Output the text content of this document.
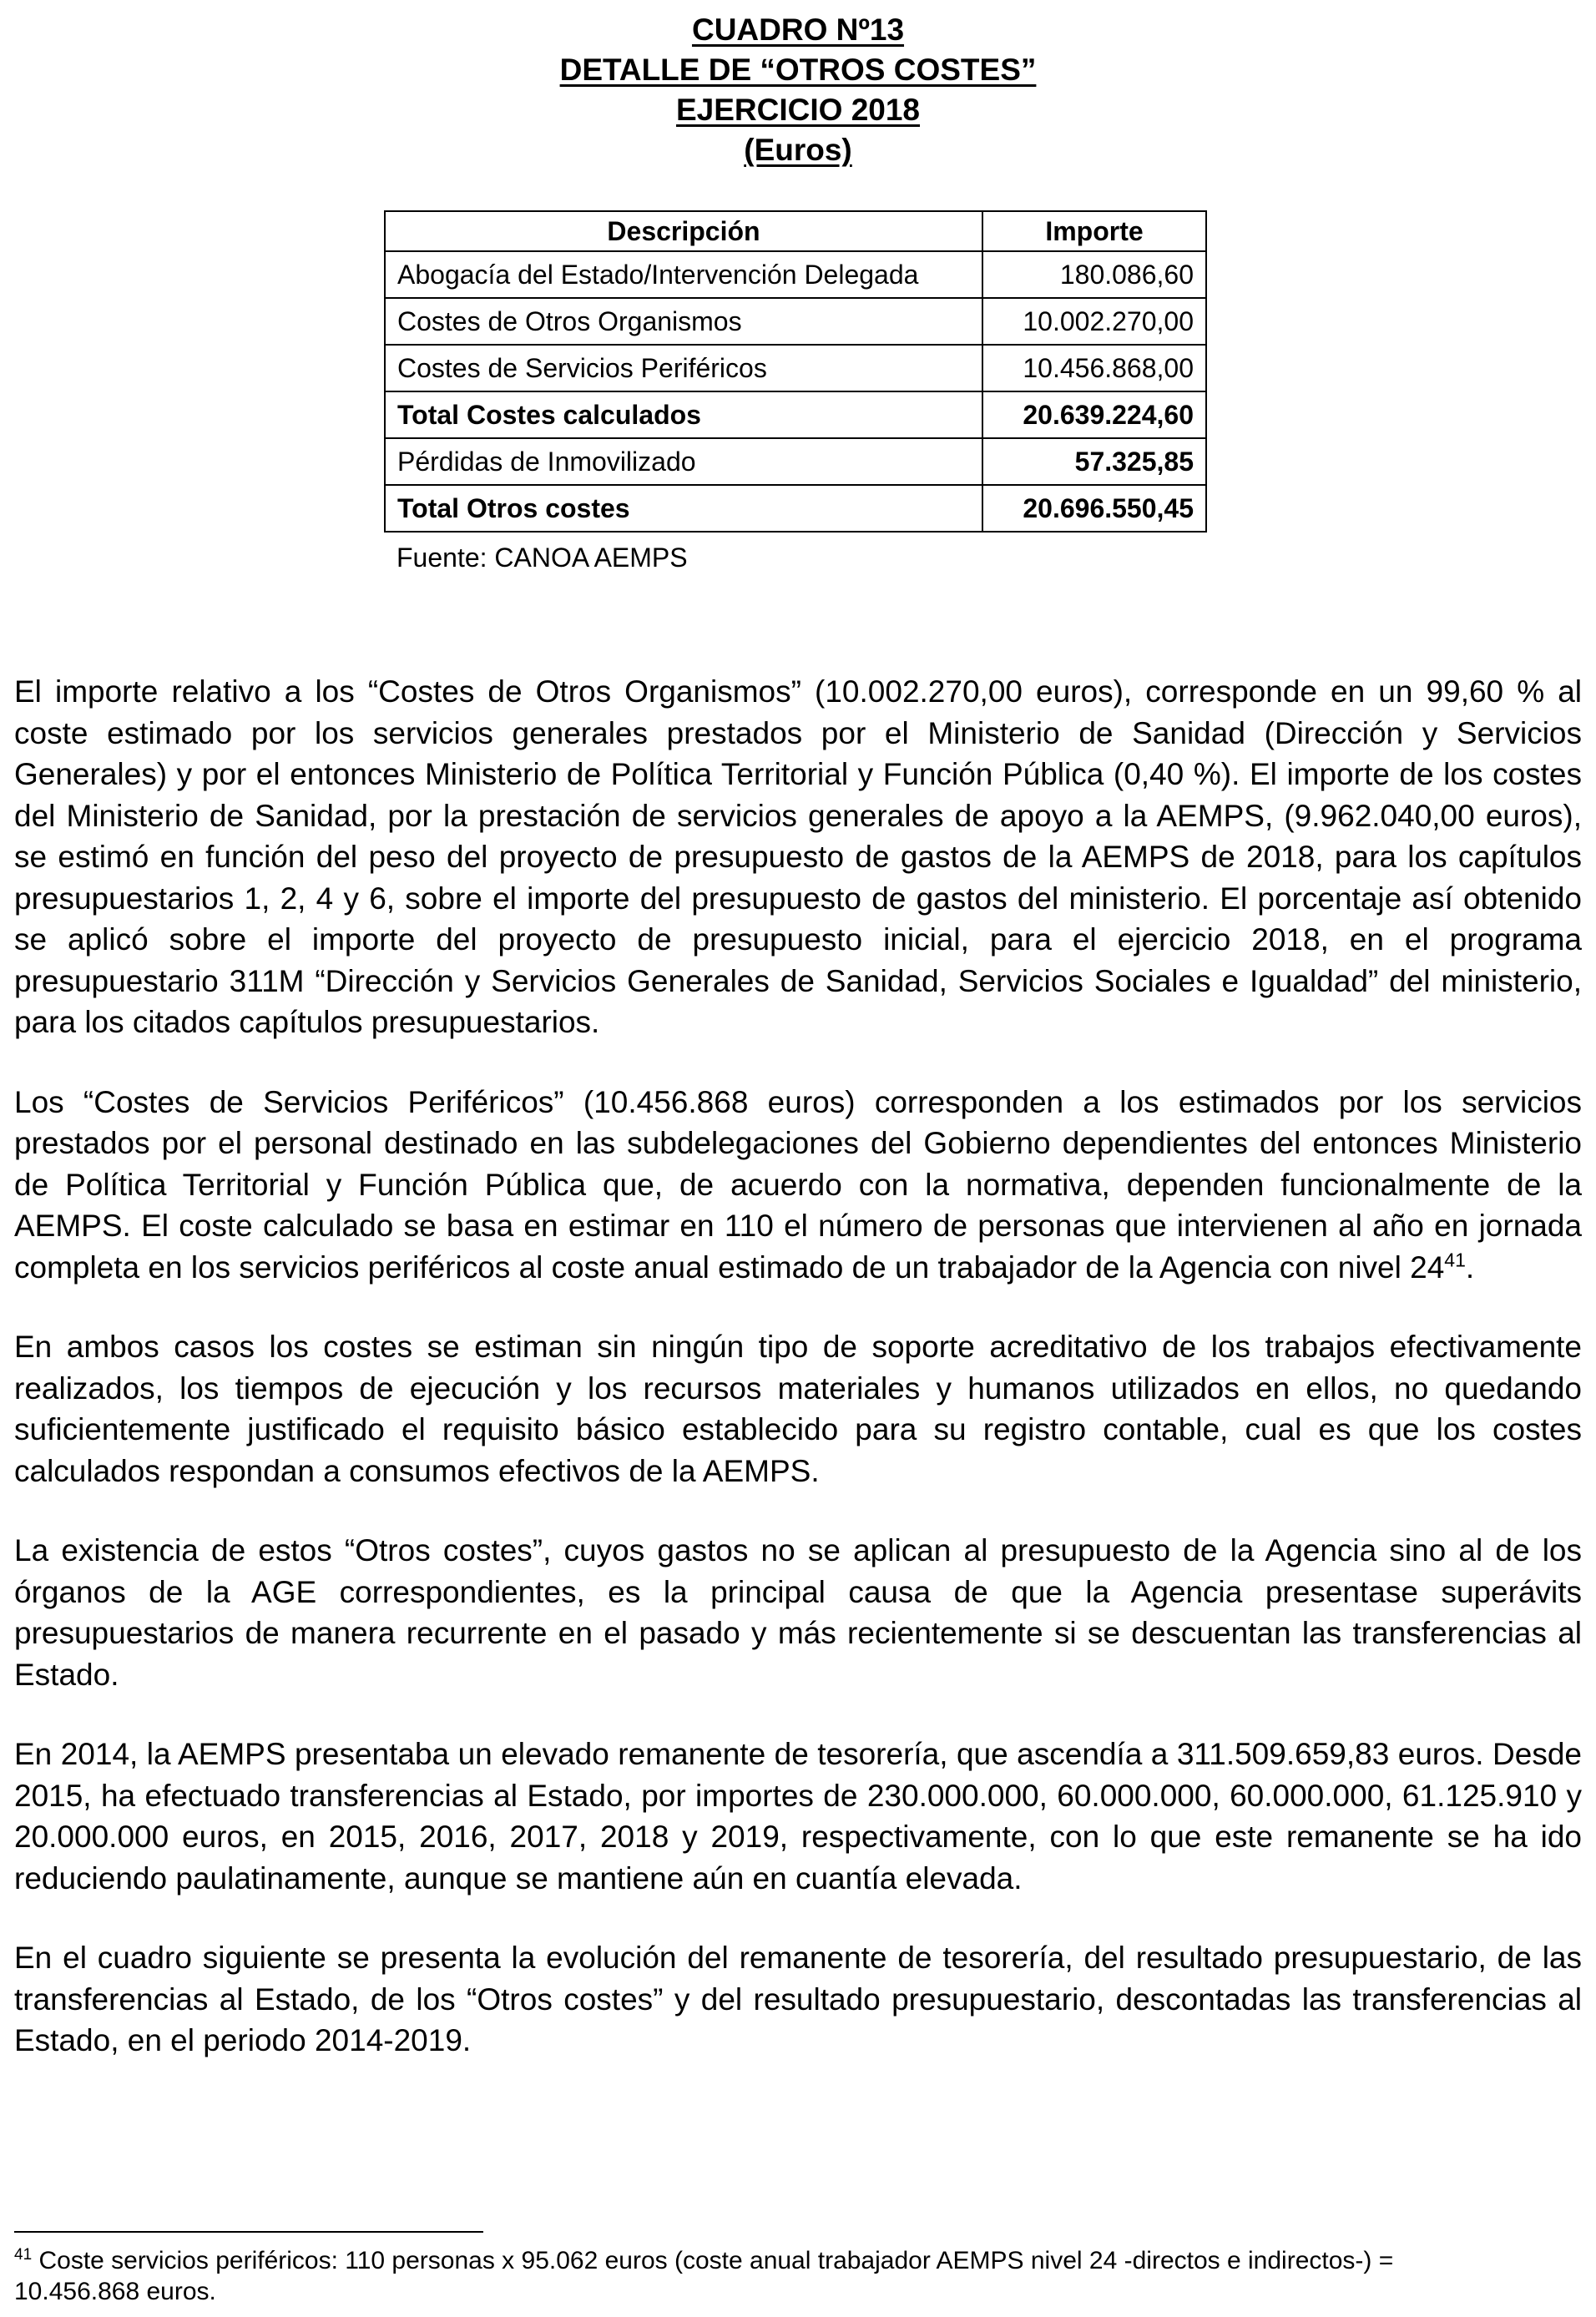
CUADRO Nº13
DETALLE DE “OTROS COSTES”
EJERCICIO 2018
(Euros)
Descripción	Importe
Abogacía del Estado/Intervención Delegada	180.086,60
Costes de Otros Organismos	10.002.270,00
Costes de Servicios Periféricos	10.456.868,00
Total Costes calculados	20.639.224,60
Pérdidas de Inmovilizado	57.325,85
Total Otros costes	20.696.550,45
Fuente: CANOA AEMPS	

El importe relativo a los “Costes de Otros Organismos” (10.002.270,00 euros), corresponde en un 99,60 % al coste estimado por los servicios generales prestados por el Ministerio de Sanidad (Dirección y Servicios Generales) y por el entonces Ministerio de Política Territorial y Función Pública (0,40 %). El importe de los costes del Ministerio de Sanidad, por la prestación de servicios generales de apoyo a la AEMPS, (9.962.040,00 euros), se estimó en función del peso del proyecto de presupuesto de gastos de la AEMPS de 2018, para los capítulos presupuestarios 1, 2, 4 y 6, sobre el importe del presupuesto de gastos del ministerio. El porcentaje así obtenido se aplicó sobre el importe del proyecto de presupuesto inicial, para el ejercicio 2018, en el programa presupuestario 311M “Dirección y Servicios Generales de Sanidad, Servicios Sociales e Igualdad” del ministerio, para los citados capítulos presupuestarios.

Los “Costes de Servicios Periféricos” (10.456.868 euros) corresponden a los estimados por los servicios prestados por el personal destinado en las subdelegaciones del Gobierno dependientes del entonces Ministerio de Política Territorial y Función Pública que, de acuerdo con la normativa, dependen funcionalmente de la AEMPS. El coste calculado se basa en estimar en 110 el número de personas que intervienen al año en jornada completa en los servicios periféricos al coste anual estimado de un trabajador de la Agencia con nivel $24^{41}$.

En ambos casos los costes se estiman sin ningún tipo de soporte acreditativo de los trabajos efectivamente realizados, los tiempos de ejecución y los recursos materiales y humanos utilizados en ellos, no quedando suficientemente justificado el requisito básico establecido para su registro contable, cual es que los costes calculados respondan a consumos efectivos de la AEMPS.

La existencia de estos “Otros costes”, cuyos gastos no se aplican al presupuesto de la Agencia sino al de los órganos de la AGE correspondientes, es la principal causa de que la Agencia presentase superávits presupuestarios de manera recurrente en el pasado y más recientemente si se descuentan las transferencias al Estado.

En 2014, la AEMPS presentaba un elevado remanente de tesorería, que ascendía a 311.509.659,83 euros. Desde 2015, ha efectuado transferencias al Estado, por importes de 230.000.000, 60.000.000, 60.000.000, 61.125.910 y 20.000.000 euros, en 2015, 2016, 2017, 2018 y 2019, respectivamente, con lo que este remanente se ha ido reduciendo paulatinamente, aunque se mantiene aún en cuantía elevada.

En el cuadro siguiente se presenta la evolución del remanente de tesorería, del resultado presupuestario, de las transferencias al Estado, de los “Otros costes” y del resultado presupuestario, descontadas las transferencias al Estado, en el periodo 2014-2019.

$^{41}$ Coste servicios periféricos: 110 personas x 95.062 euros (coste anual trabajador AEMPS nivel 24 -directos e indirectos-) = 10.456.868 euros.
